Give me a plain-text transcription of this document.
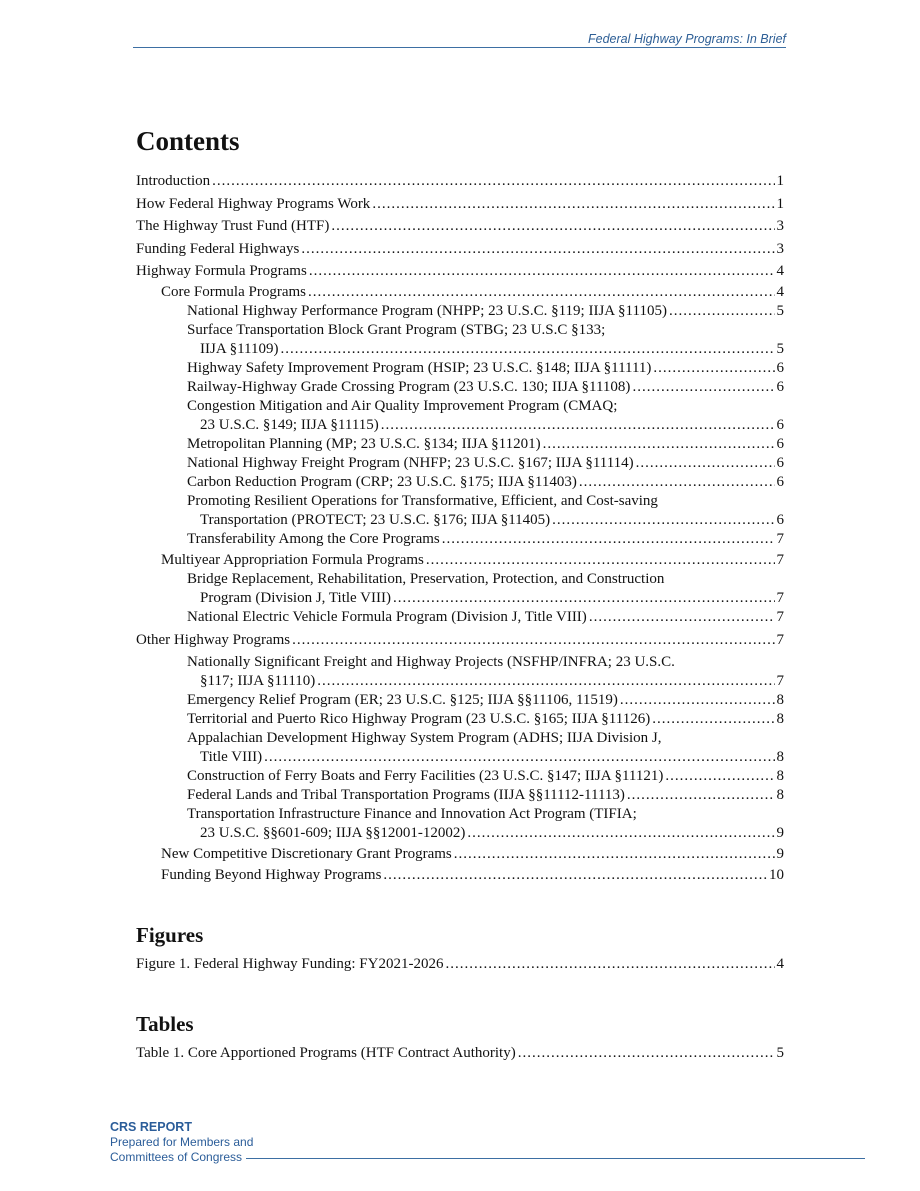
Federal Highway Programs: In Brief
Contents
Introduction .....	1
How Federal Highway Programs Work .....	1
The Highway Trust Fund (HTF) .....	3
Funding Federal Highways .....	3
Highway Formula Programs .....	4
Core Formula Programs .....	4
National Highway Performance Program (NHPP; 23 U.S.C. §119; IIJA §11105) .....	5
Surface Transportation Block Grant Program (STBG; 23 U.S.C §133;
IIJA §11109) .....	5
Highway Safety Improvement Program (HSIP; 23 U.S.C. §148; IIJA §11111) .....	6
Railway-Highway Grade Crossing Program (23 U.S.C. 130; IIJA §11108) .....	6
Congestion Mitigation and Air Quality Improvement Program (CMAQ;
23 U.S.C. §149; IIJA §11115) .....	6
Metropolitan Planning (MP; 23 U.S.C. §134; IIJA §11201) .....	6
National Highway Freight Program (NHFP; 23 U.S.C. §167; IIJA §11114) .....	6
Carbon Reduction Program (CRP; 23 U.S.C. §175; IIJA §11403) .....	6
Promoting Resilient Operations for Transformative, Efficient, and Cost-saving
Transportation (PROTECT; 23 U.S.C. §176; IIJA §11405) .....	6
Transferability Among the Core Programs .....	7
Multiyear Appropriation Formula Programs .....	7
Bridge Replacement, Rehabilitation, Preservation, Protection, and Construction
Program (Division J, Title VIII) .....	7
National Electric Vehicle Formula Program (Division J, Title VIII) .....	7
Other Highway Programs .....	7
Nationally Significant Freight and Highway Projects (NSFHP/INFRA; 23 U.S.C.
§117; IIJA §11110) .....	7
Emergency Relief Program (ER; 23 U.S.C. §125; IIJA §§11106, 11519) .....	8
Territorial and Puerto Rico Highway Program (23 U.S.C. §165; IIJA §11126) .....	8
Appalachian Development Highway System Program (ADHS; IIJA Division J,
Title VIII) .....	8
Construction of Ferry Boats and Ferry Facilities (23 U.S.C. §147; IIJA §11121) .....	8
Federal Lands and Tribal Transportation Programs (IIJA §§11112-11113) .....	8
Transportation Infrastructure Finance and Innovation Act Program (TIFIA;
23 U.S.C. §§601-609; IIJA §§12001-12002) .....	9
New Competitive Discretionary Grant Programs .....	9
Funding Beyond Highway Programs .....	10
Figures
Figure 1. Federal Highway Funding: FY2021-2026 .....	4
Tables
Table 1. Core Apportioned Programs (HTF Contract Authority) .....	5
CRS REPORT
Prepared for Members and
Committees of Congress
